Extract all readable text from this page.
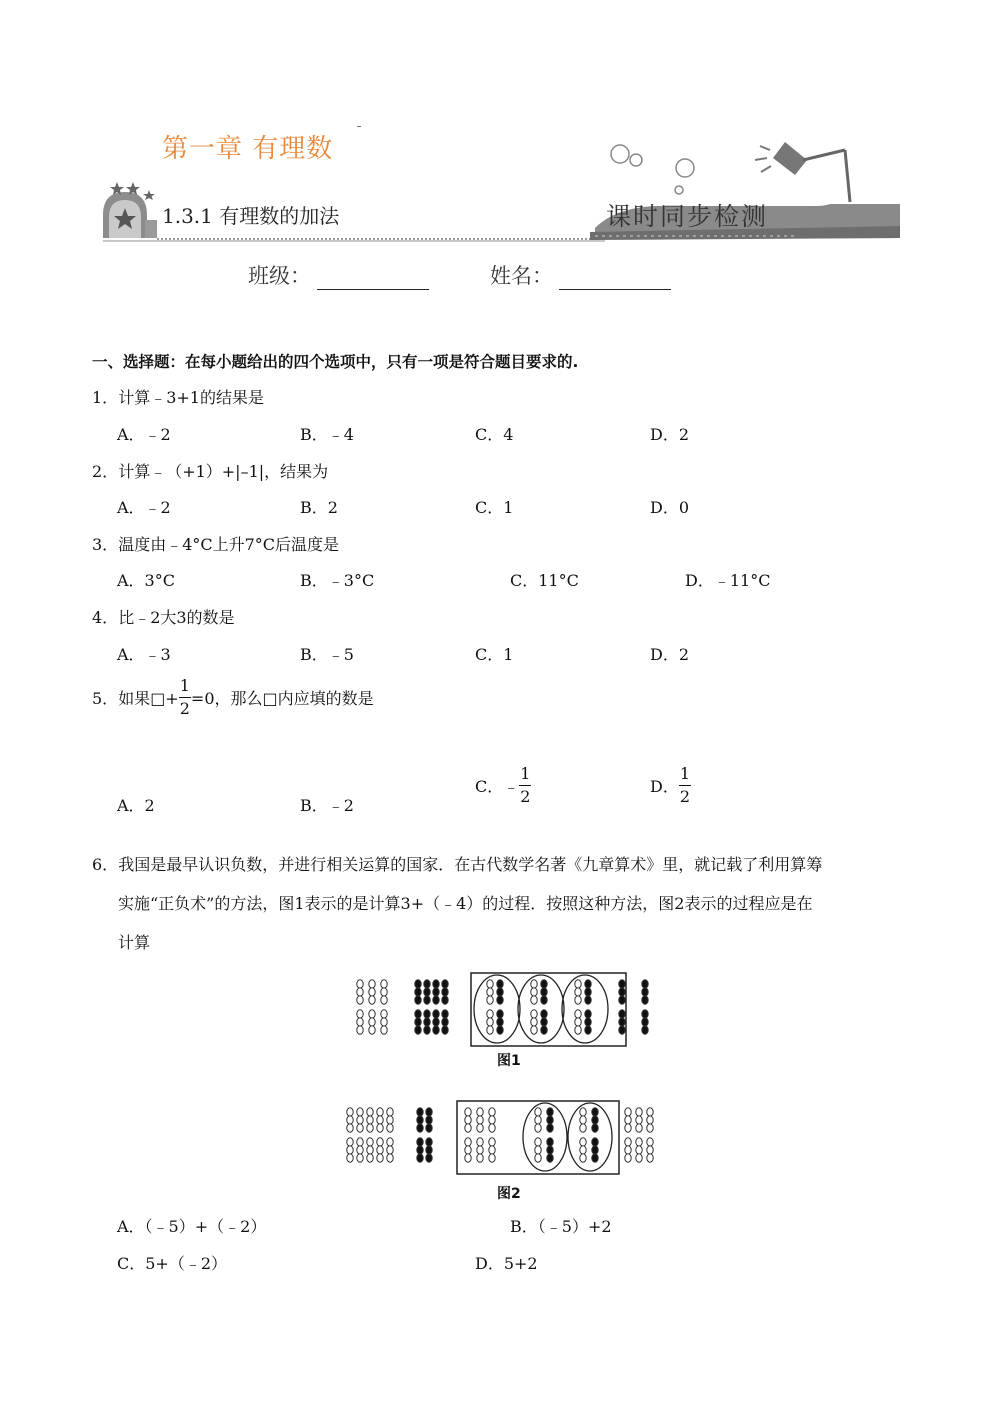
第一章 有理数
1.3.1 有理数的加法	课时同步检测
班级：	姓名：
一、选择题：在每小题给出的四个选项中，只有一项是符合题目要求的.
1．计算﹣3+1的结果是
A．﹣2	B．﹣4	C．4	D．2
2．计算﹣（+1）+|–1|，结果为
A．﹣2	B．2	C．1	D．0
3．温度由﹣4°C上升7°C后温度是
A．3°C	B．﹣3°C	C．11°C	D．﹣11°C
4．比﹣2大3的数是
A．﹣3	B．﹣5	C．1	D．2
5． 如果□+ $\frac{1}{2} =0$，那么□内应填的数是
A．2	B．﹣2
C．﹣ $\frac{1}{2}$	D． $\frac{1}{2}$
6．我国是最早认识负数，并进行相关运算的国家．在古代数学名著《九章算术》里，就记载了利用算筹
实施“正负术”的方法，图1表示的是计算3+（﹣4）的过程．按照这种方法，图2表示的过程应是在
计算
图1
图2
A．（﹣5）+（﹣2）	B．（﹣5）+2
C．5+（﹣2）	D．5+2
